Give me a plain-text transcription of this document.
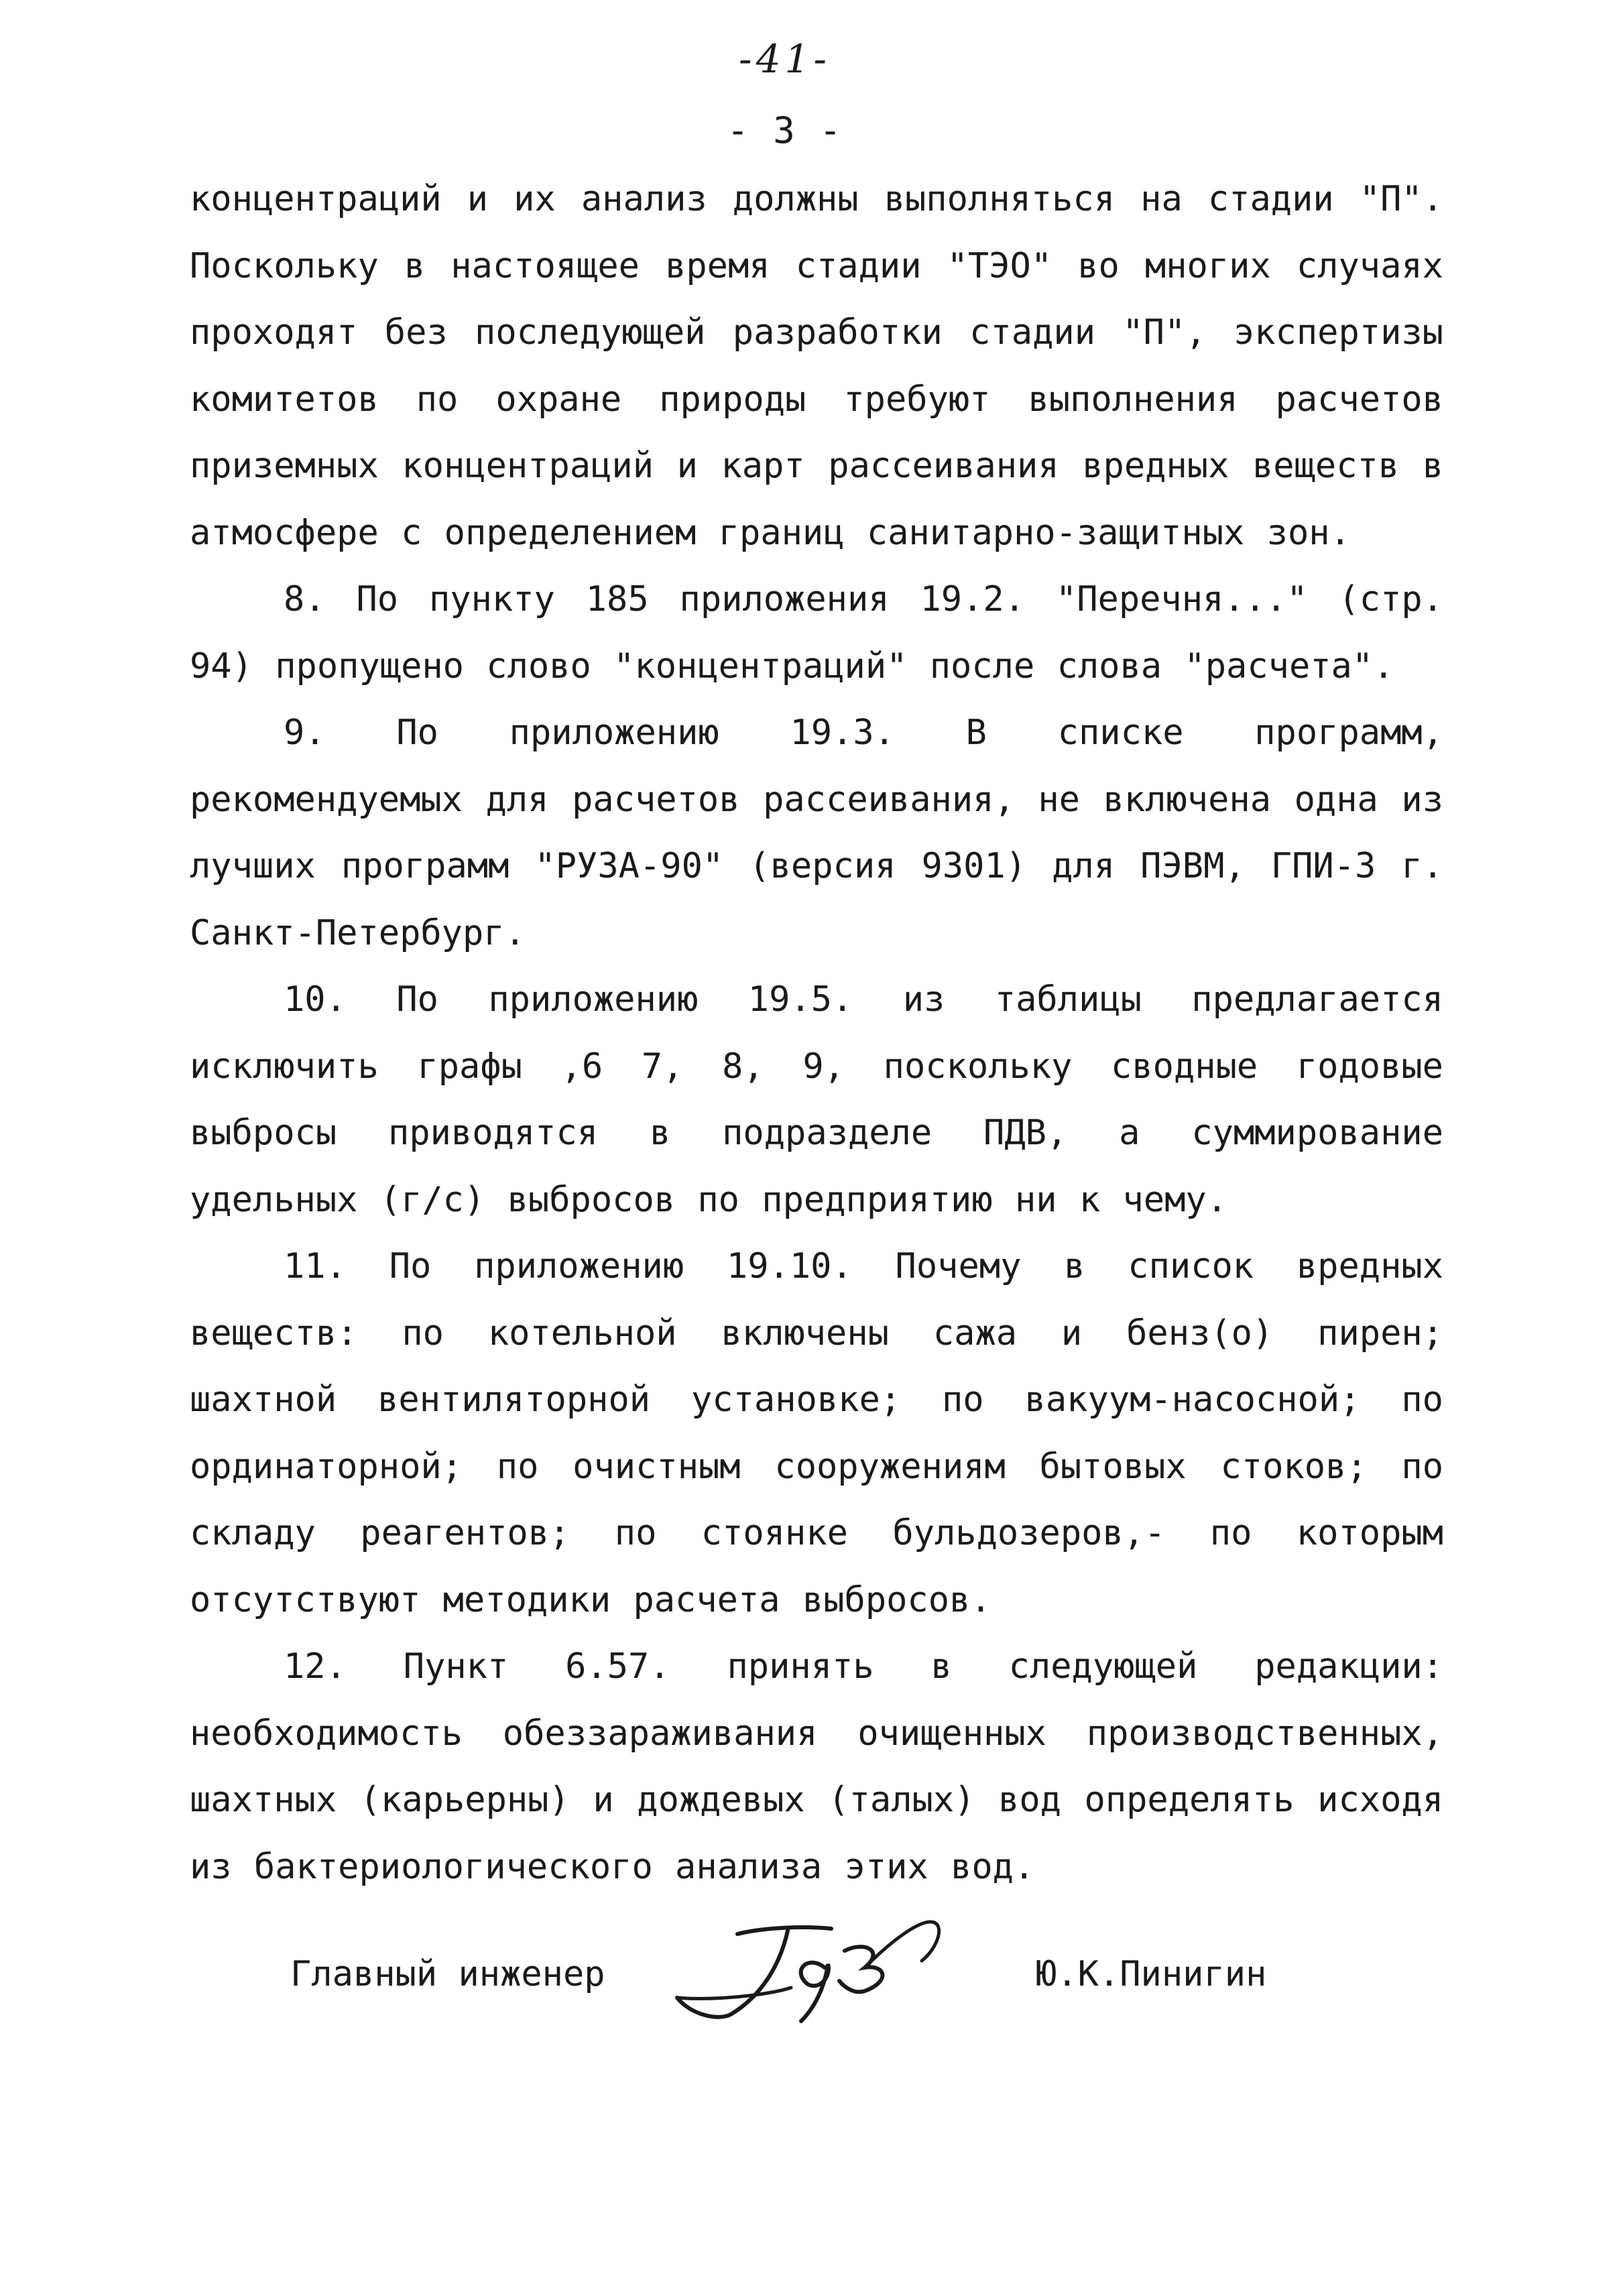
-41-
- 3 -

концентраций и их анализ должны выполняться на стадии "П". Поскольку в настоящее время стадии "ТЭО" во многих случаях проходят без последующей разработки стадии "П", экспертизы комитетов по охране природы требуют выполнения расчетов приземных концентраций и карт рассеивания вредных веществ в атмосфере с определением границ санитарно-защитных зон.

8. По пункту 185 приложения 19.2. "Перечня..." (стр. 94) пропущено слово "концентраций" после слова "расчета".

9. По приложению 19.3. В списке программ, рекомендуемых для расчетов рассеивания, не включена одна из лучших программ "РУЗА-90" (версия 9301) для ПЭВМ, ГПИ-3 г. Санкт-Петербург.

10. По приложению 19.5. из таблицы предлагается исключить графы ,6 7, 8, 9, поскольку сводные годовые выбросы приводятся в подразделе ПДВ, а суммирование удельных (г/с) выбросов по предприятию ни к чему.

11. По приложению 19.10. Почему в список вредных веществ: по котельной включены сажа и бенз(о) пирен; шахтной вентиляторной установке; по вакуум-насосной; по ординаторной; по очистным сооружениям бытовых стоков; по складу реагентов; по стоянке бульдозеров,- по которым отсутствуют методики расчета выбросов.

12. Пункт 6.57. принять в следующей редакции: необходимость обеззараживания очищенных производственных, шахтных (карьерны) и дождевых (талых) вод определять исходя из бактериологического анализа этих вод.

Главный инженер	Ю.К.Пинигин
